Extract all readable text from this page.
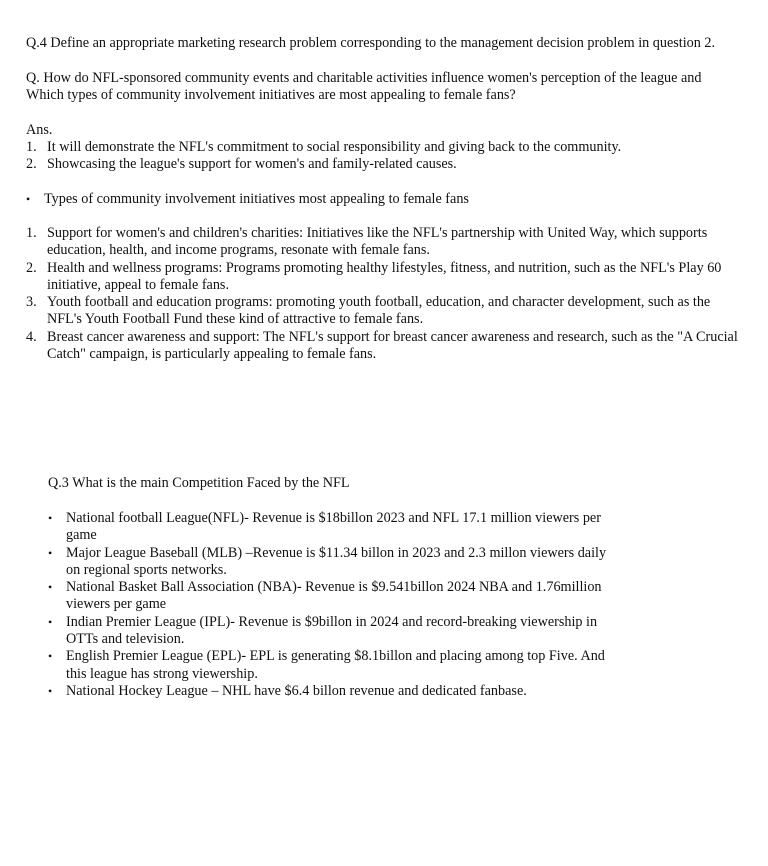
Q.4 Define an appropriate marketing research problem corresponding to the management decision problem in question 2.

Q. How do NFL-sponsored community events and charitable activities influence women's perception of the league and Which types of community involvement initiatives are most appealing to female fans?

Ans.

1. It will demonstrate the NFL's commitment to social responsibility and giving back to the community.
2. Showcasing the league's support for women's and family-related causes.
• Types of community involvement initiatives most appealing to female fans
1. Support for women's and children's charities: Initiatives like the NFL's partnership with United Way, which supports education, health, and income programs, resonate with female fans.
2. Health and wellness programs: Programs promoting healthy lifestyles, fitness, and nutrition, such as the NFL's Play 60 initiative, appeal to female fans.
3. Youth football and education programs: promoting youth football, education, and character development, such as the NFL's Youth Football Fund these kind of attractive to female fans.
4. Breast cancer awareness and support: The NFL's support for breast cancer awareness and research, such as the "A Crucial Catch" campaign, is particularly appealing to female fans.

Q.3 What is the main Competition Faced by the NFL

• National football League(NFL)- Revenue is $18billon 2023 and NFL 17.1 million viewers per game
• Major League Baseball (MLB) –Revenue is $11.34 billon in 2023 and 2.3 millon viewers daily on regional sports networks.
• National Basket Ball Association (NBA)- Revenue is $9.541billon 2024 NBA and 1.76million viewers per game
• Indian Premier League (IPL)- Revenue is $9billon in 2024 and record-breaking viewership in OTTs and television.
• English Premier League (EPL)- EPL is generating $8.1billon and placing among top Five. And this league has strong viewership.
• National Hockey League – NHL have $6.4 billon revenue and dedicated fanbase.
